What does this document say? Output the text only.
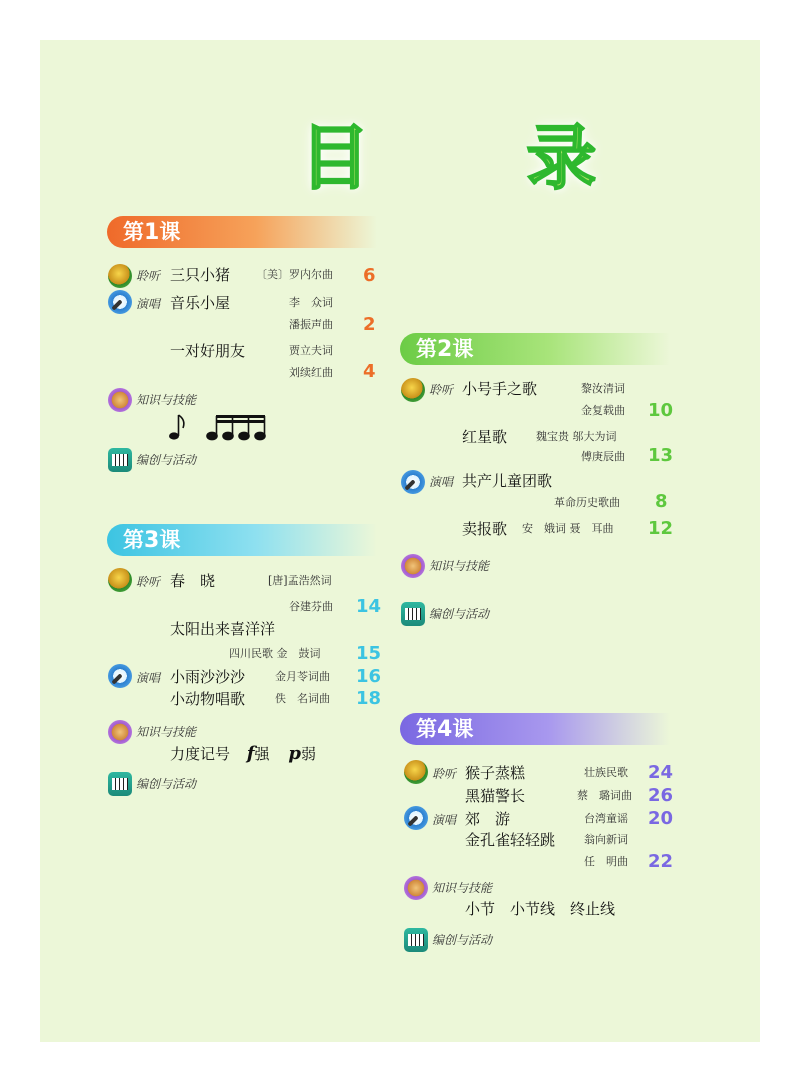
目 录
第1课
聆听 三只小猪 〔美〕罗内尔曲 6
演唱 音乐小屋	李　众词
潘振声曲 2
一对好朋友	贾立夫词
刘续红曲 4
知识与技能
编创与活动
第2课
聆听 小号手之歌	黎汝清词
金复载曲 10
红星歌	魏宝贵 邬大为词
傅庚辰曲 13
演唱 共产儿童团歌
革命历史歌曲 8
卖报歌 安　娥词 聂　耳曲 12
知识与技能
编创与活动
第3课
聆听 春　晓	[唐]孟浩然词
谷建芬曲 14
太阳出来喜洋洋
四川民歌 金　鼓词 15
演唱 小雨沙沙沙	金月苓词曲 16
小动物唱歌	佚　名词曲 18
知识与技能
力度记号 f强 p弱
编创与活动
第4课
聆听 猴子蒸糕	壮族民歌 24
黑猫警长	蔡　璐词曲 26
演唱 郊　游	台湾童谣 20
金孔雀轻轻跳	翁向新词
任　明曲 22
知识与技能
小节　小节线　终止线
编创与活动
